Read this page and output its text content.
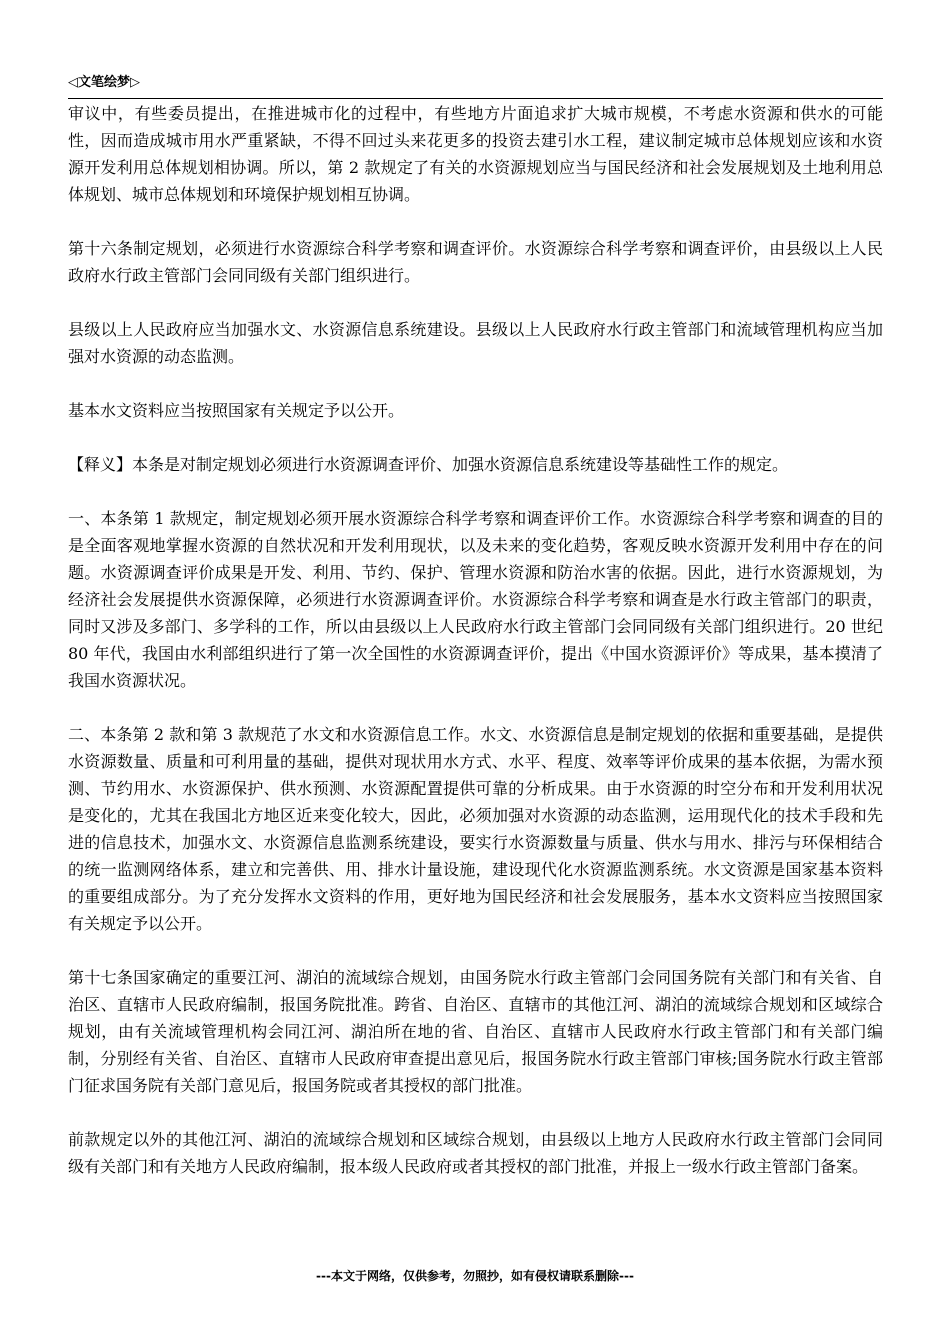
◁文笔绘梦▷

审议中，有些委员提出，在推进城市化的过程中，有些地方片面追求扩大城市规模，不考虑水资源和供水的可能性，因而造成城市用水严重紧缺，不得不回过头来花更多的投资去建引水工程，建议制定城市总体规划应该和水资源开发利用总体规划相协调。所以，第 2 款规定了有关的水资源规划应当与国民经济和社会发展规划及土地利用总体规划、城市总体规划和环境保护规划相互协调。

第十六条制定规划，必须进行水资源综合科学考察和调查评价。水资源综合科学考察和调查评价，由县级以上人民政府水行政主管部门会同同级有关部门组织进行。

县级以上人民政府应当加强水文、水资源信息系统建设。县级以上人民政府水行政主管部门和流域管理机构应当加强对水资源的动态监测。

基本水文资料应当按照国家有关规定予以公开。

【释义】本条是对制定规划必须进行水资源调查评价、加强水资源信息系统建设等基础性工作的规定。

一、本条第 1 款规定，制定规划必须开展水资源综合科学考察和调查评价工作。水资源综合科学考察和调查的目的是全面客观地掌握水资源的自然状况和开发利用现状，以及未来的变化趋势，客观反映水资源开发利用中存在的问题。水资源调查评价成果是开发、利用、节约、保护、管理水资源和防治水害的依据。因此，进行水资源规划，为经济社会发展提供水资源保障，必须进行水资源调查评价。水资源综合科学考察和调查是水行政主管部门的职责，同时又涉及多部门、多学科的工作，所以由县级以上人民政府水行政主管部门会同同级有关部门组织进行。20 世纪 80 年代，我国由水利部组织进行了第一次全国性的水资源调查评价，提出《中国水资源评价》等成果，基本摸清了我国水资源状况。

二、本条第 2 款和第 3 款规范了水文和水资源信息工作。水文、水资源信息是制定规划的依据和重要基础，是提供水资源数量、质量和可利用量的基础，提供对现状用水方式、水平、程度、效率等评价成果的基本依据，为需水预测、节约用水、水资源保护、供水预测、水资源配置提供可靠的分析成果。由于水资源的时空分布和开发利用状况是变化的，尤其在我国北方地区近来变化较大，因此，必须加强对水资源的动态监测，运用现代化的技术手段和先进的信息技术，加强水文、水资源信息监测系统建设，要实行水资源数量与质量、供水与用水、排污与环保相结合的统一监测网络体系，建立和完善供、用、排水计量设施，建设现代化水资源监测系统。水文资源是国家基本资料的重要组成部分。为了充分发挥水文资料的作用，更好地为国民经济和社会发展服务，基本水文资料应当按照国家有关规定予以公开。

第十七条国家确定的重要江河、湖泊的流域综合规划，由国务院水行政主管部门会同国务院有关部门和有关省、自治区、直辖市人民政府编制，报国务院批准。跨省、自治区、直辖市的其他江河、湖泊的流域综合规划和区域综合规划，由有关流域管理机构会同江河、湖泊所在地的省、自治区、直辖市人民政府水行政主管部门和有关部门编制，分别经有关省、自治区、直辖市人民政府审查提出意见后，报国务院水行政主管部门审核;国务院水行政主管部门征求国务院有关部门意见后，报国务院或者其授权的部门批准。

前款规定以外的其他江河、湖泊的流域综合规划和区域综合规划，由县级以上地方人民政府水行政主管部门会同同级有关部门和有关地方人民政府编制，报本级人民政府或者其授权的部门批准，并报上一级水行政主管部门备案。

---本文于网络，仅供参考，勿照抄，如有侵权请联系删除---
